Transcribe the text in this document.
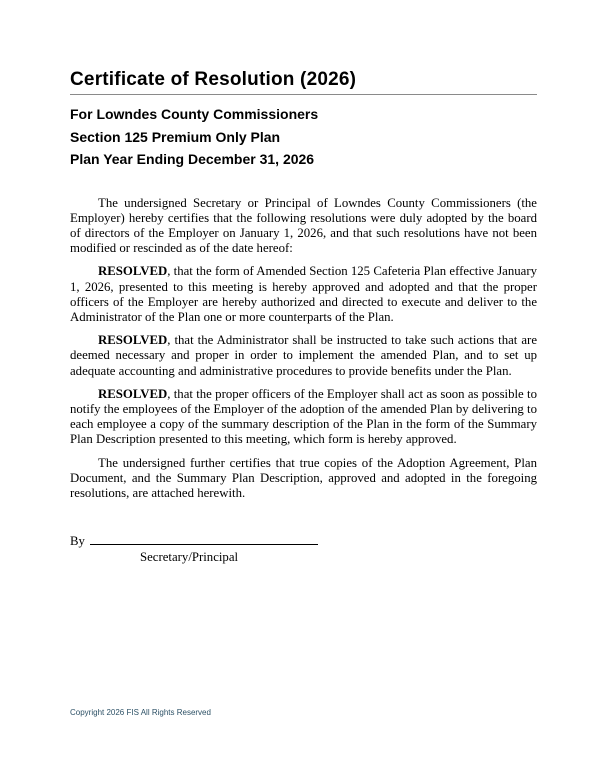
Certificate of Resolution (2026)
For Lowndes County Commissioners
Section 125 Premium Only Plan
Plan Year Ending December 31, 2026

The undersigned Secretary or Principal of Lowndes County Commissioners (the Employer) hereby certifies that the following resolutions were duly adopted by the board of directors of the Employer on January 1, 2026, and that such resolutions have not been modified or rescinded as of the date hereof:

RESOLVED, that the form of Amended Section 125 Cafeteria Plan effective January 1, 2026, presented to this meeting is hereby approved and adopted and that the proper officers of the Employer are hereby authorized and directed to execute and deliver to the Administrator of the Plan one or more counterparts of the Plan.

RESOLVED, that the Administrator shall be instructed to take such actions that are deemed necessary and proper in order to implement the amended Plan, and to set up adequate accounting and administrative procedures to provide benefits under the Plan.

RESOLVED, that the proper officers of the Employer shall act as soon as possible to notify the employees of the Employer of the adoption of the amended Plan by delivering to each employee a copy of the summary description of the Plan in the form of the Summary Plan Description presented to this meeting, which form is hereby approved.

The undersigned further certifies that true copies of the Adoption Agreement, Plan Document, and the Summary Plan Description, approved and adopted in the foregoing resolutions, are attached herewith.

By
Secretary/Principal
Copyright 2026 FIS All Rights Reserved
